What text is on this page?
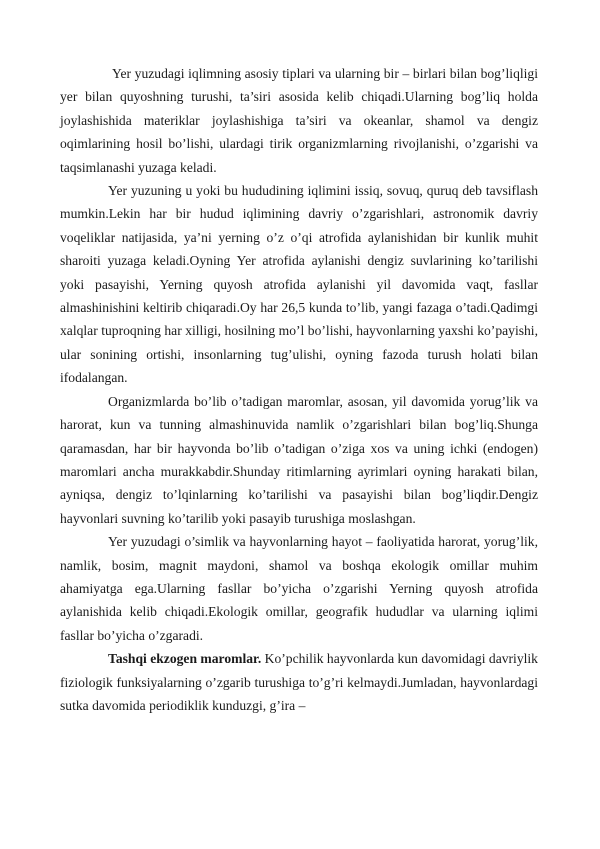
Yer yuzudagi iqlimning asosiy tiplari va ularning bir – birlari bilan bog’liqligi yer bilan quyoshning turushi, ta’siri asosida kelib chiqadi.Ularning bog’liq holda joylashishida materiklar joylashishiga ta’siri va okeanlar, shamol va dengiz oqimlarining hosil bo’lishi, ulardagi tirik organizmlarning rivojlanishi, o’zgarishi va taqsimlanashi yuzaga keladi.

Yer yuzuning u yoki bu hududining iqlimini issiq, sovuq, quruq deb tavsiflash mumkin.Lekin har bir hudud iqlimining davriy o’zgarishlari, astronomik davriy voqeliklar natijasida, ya’ni yerning o’z o’qi atrofida aylanishidan bir kunlik muhit sharoiti yuzaga keladi.Oyning Yer atrofida aylanishi dengiz suvlarining ko’tarilishi yoki pasayishi, Yerning quyosh atrofida aylanishi yil davomida vaqt, fasllar almashinishini keltirib chiqaradi.Oy har 26,5 kunda to’lib, yangi fazaga o’tadi.Qadimgi xalqlar tuproqning har xilligi, hosilning mo’l bo’lishi, hayvonlarning yaxshi ko’payishi, ular sonining ortishi, insonlarning tug’ulishi, oyning fazoda turush holati bilan ifodalangan.

Organizmlarda bo’lib o’tadigan maromlar, asosan, yil davomida yorug’lik va harorat, kun va tunning almashinuvida namlik o’zgarishlari bilan bog’liq.Shunga qaramasdan, har bir hayvonda bo’lib o’tadigan o’ziga xos va uning ichki (endogen) maromlari ancha murakkabdir.Shunday ritimlarning ayrimlari oyning harakati bilan, ayniqsa, dengiz to’lqinlarning ko’tarilishi va pasayishi bilan bog’liqdir.Dengiz hayvonlari suvning ko’tarilib yoki pasayib turushiga moslashgan.

Yer yuzudagi o’simlik va hayvonlarning hayot – faoliyatida harorat, yorug’lik, namlik, bosim, magnit maydoni, shamol va boshqa ekologik omillar muhim ahamiyatga ega.Ularning fasllar bo’yicha o’zgarishi Yerning quyosh atrofida aylanishida kelib chiqadi.Ekologik omillar, geografik hududlar va ularning iqlimi fasllar bo’yicha o’zgaradi.

Tashqi ekzogen maromlar. Ko’pchilik hayvonlarda kun davomidagi davriylik fiziologik funksiyalarning o’zgarib turushiga to’g’ri kelmaydi.Jumladan, hayvonlardagi sutka davomida periodiklik kunduzgi, g’ira –
